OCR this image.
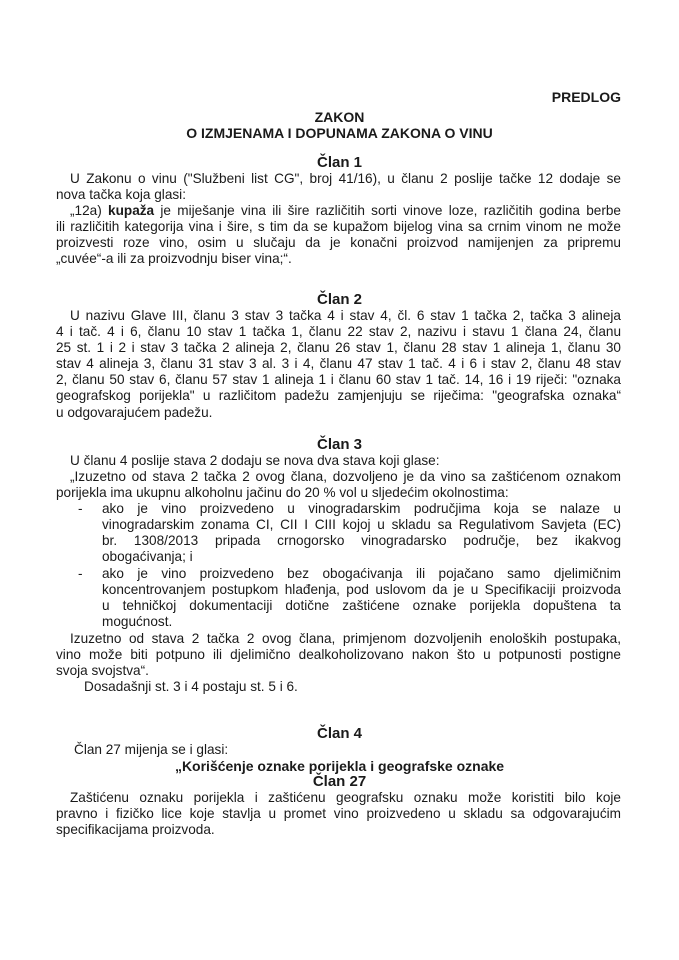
PREDLOG
ZAKON
O IZMJENAMA I DOPUNAMA ZAKONA O VINU
Član 1
U Zakonu o vinu ("Službeni list CG", broj 41/16), u članu 2 poslije tačke 12 dodaje se
nova tačka koja glasi:
„12a) kupaža je miješanje vina ili šire različitih sorti vinove loze, različitih godina berbe
ili različitih kategorija vina i šire, s tim da se kupažom bijelog vina sa crnim vinom ne može
proizvesti roze vino, osim u slučaju da je konačni proizvod namijenjen za pripremu
„cuvée“-a ili za proizvodnju biser vina;“.
Član 2
U nazivu Glave III, članu 3 stav 3 tačka 4 i stav 4, čl. 6 stav 1 tačka 2, tačka 3 alineja
4 i tač. 4 i 6, članu 10 stav 1 tačka 1, članu 22 stav 2, nazivu i stavu 1 člana 24, članu
25 st. 1 i 2 i stav 3 tačka 2 alineja 2, članu 26 stav 1, članu 28 stav 1 alineja 1, članu 30
stav 4 alineja 3, članu 31 stav 3 al. 3 i 4, članu 47 stav 1 tač. 4 i 6 i stav 2, članu 48 stav
2, članu 50 stav 6, članu 57 stav 1 alineja 1 i članu 60 stav 1 tač. 14, 16 i 19 riječi: "oznaka
geografskog porijekla" u različitom padežu zamjenjuju se riječima: "geografska oznaka“
u odgovarajućem padežu.
Član 3
U članu 4 poslije stava 2 dodaju se nova dva stava koji glase:
„Izuzetno od stava 2 tačka 2 ovog člana, dozvoljeno je da vino sa zaštićenom oznakom
porijekla ima ukupnu alkoholnu jačinu do 20 % vol u sljedećim okolnostima:
- ako je vino proizvedeno u vinogradarskim područjima koja se nalaze u
vinogradarskim zonama CI, CII I CIII kojoj u skladu sa Regulativom Savjeta (EC)
br. 1308/2013 pripada crnogorsko vinogradarsko područje, bez ikakvog
obogaćivanja; i
- ako je vino proizvedeno bez obogaćivanja ili pojačano samo djelimičnim
koncentrovanjem postupkom hlađenja, pod uslovom da je u Specifikaciji proizvoda
u tehničkoj dokumentaciji dotične zaštićene oznake porijekla dopuštena ta
mogućnost.
Izuzetno od stava 2 tačka 2 ovog člana, primjenom dozvoljenih enoloških postupaka,
vino može biti potpuno ili djelimično dealkoholizovano nakon što u potpunosti postigne
svoja svojstva“.
Dosadašnji st. 3 i 4 postaju st. 5 i 6.
Član 4
Član 27 mijenja se i glasi:
„Korišćenje oznake porijekla i geografske oznake
Član 27
Zaštićenu oznaku porijekla i zaštićenu geografsku oznaku može koristiti bilo koje
pravno i fizičko lice koje stavlja u promet vino proizvedeno u skladu sa odgovarajućim
specifikacijama proizvoda.
